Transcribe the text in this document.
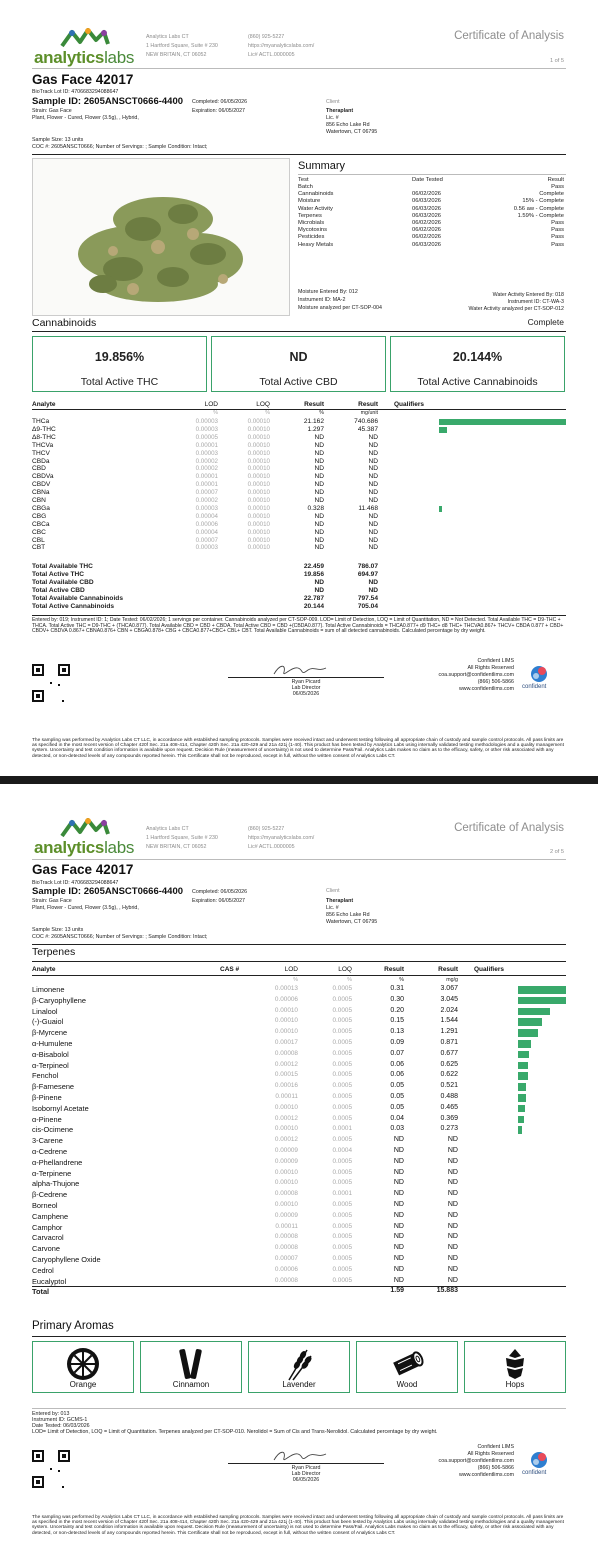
analyticslabs
Analytics Labs CT
1 Hartford Square, Suite # 230
NEW BRITAIN, CT 06052
(860) 925-5227
https://myanalyticslabs.com/
Lic# ACTL.0000005
Certificate of Analysis
1 of 5
Gas Face 42017
BioTrack Lot ID: 4706683294088647
Sample ID: 2605ANSCT0666-4400 Completed: 06/05/2026
Expiration: 06/05/2027
Strain: Gas Face
Plant, Flower - Cured, Flower (3.5g), , Hybrid,
Client
Theraplant
Lic. #
856 Echo Lake Rd
Watertown, CT 06795
Sample Size: 13 units
COC #: 2605ANSCT0666; Number of Servings: ; Sample Condition: Intact;
Summary
Test	Date Tested	Result
Batch	Pass
Cannabinoids	06/02/2026	Complete
Moisture	06/03/2026	15% - Complete
Water Activity	06/03/2026	0.56 aw - Complete
Terpenes	06/03/2026	1.59% - Complete
Microbials	06/02/2026	Pass
Mycotoxins	06/02/2026	Pass
Pesticides	06/02/2026	Pass
Heavy Metals	06/03/2026	Pass
Moisture Entered By: 012
Instrument ID: MA-2
Moisture analyzed per CT-SOP-004
Water Activity Entered By: 018
Instrument ID: CT-WA-3
Water Activity analyzed per CT-SOP-012
Cannabinoids	Complete
19.856%
Total Active THC
ND
Total Active CBD
20.144%
Total Active Cannabinoids
Analyte	LOD	LOQ	Result	Result Qualifiers
%	%	%	mg/unit
THCa	0.00003	0.00010	21.162	740.686
Δ9-THC	0.00003	0.00010	1.297	45.387
Δ8-THC	0.00005	0.00010	ND	ND
THCVa	0.00001	0.00010	ND	ND
THCV	0.00003	0.00010	ND	ND
CBDa	0.00002	0.00010	ND	ND
CBD	0.00002	0.00010	ND	ND
CBDVa	0.00001	0.00010	ND	ND
CBDV	0.00001	0.00010	ND	ND
CBNa	0.00007	0.00010	ND	ND
CBN	0.00002	0.00010	ND	ND
CBGa	0.00003	0.00010	0.328	11.468
CBG	0.00004	0.00010	ND	ND
CBCa	0.00006	0.00010	ND	ND
CBC	0.00004	0.00010	ND	ND
CBL	0.00007	0.00010	ND	ND
CBT	0.00003	0.00010	ND	ND
Total Available THC	22.459	786.07
Total Active THC	19.856	694.97
Total Available CBD	ND	ND
Total Active CBD	ND	ND
Total Available Cannabinoids	22.787	797.54
Total Active Cannabinoids	20.144	705.04
Entered by: 019; Instrument ID: 1; Date Tested: 06/02/2026; 1 servings per container. Cannabinoids analyzed per CT-SOP-009. LOD= Limit of Detection, LOQ = Limit of Quantitation, ND = Not Detected. Total Available THC = D9-THC + THCA. Total Active THC = D9-THC + (THCA0.877). Total Available CBD = CBD + CBDA. Total Active CBD = CBD +(CBDA0.877). Total Active Cannabinoids = THCA0.877+ d9 THC+ d8 THC+ THCVA0.867+ THCV+ CBDA 0.877 + CBD+ CBDV+ CBDVA 0.867+ CBNA0.876+ CBN + CBGA0.878+ CBG + CBCA0.877+CBC+ CBL+ CBT. Total Available Cannabinoids = sum of all detected cannabinoids. Calculated percentage by dry weight.
Ryan Picard
Lab Director
06/05/2026
Confident LIMS
All Rights Reserved
coa.support@confidentlims.com
(866) 506-5866
www.confidentlims.com confident
The sampling was performed by Analytics Labs CT LLC, in accordance with established sampling protocols. Samples were received intact and underwent testing following all appropriate chain of custody and sample control protocols. All pass limits are as specified in the most recent version of Chapter 420f Sec. 21a 408-414, Chapter 420h Sec. 21a 420-429 and 21a 421j (1-40). This product has been tested by Analytics Labs using internally validated testing methodologies and a quality management system. Uncertainty and test condition information is available upon request. Decision Rule (measurement of uncertainty) is not used to determine Pass/Fail. Analytics Labs makes no claim as to the efficacy, safety, or other risk associated with any detected, or non-detected levels of any compounds reported herein. This Certificate shall not be reproduced, except in full, without the written consent of Analytics Labs CT.
analyticslabs
Analytics Labs CT
1 Hartford Square, Suite # 230
NEW BRITAIN, CT 06052
(860) 925-5227
https://myanalyticslabs.com/
Lic# ACTL.0000005
Certificate of Analysis
2 of 5
Gas Face 42017
BioTrack Lot ID: 4706683294088647
Sample ID: 2605ANSCT0666-4400 Completed: 06/05/2026
Expiration: 06/05/2027
Strain: Gas Face
Plant, Flower - Cured, Flower (3.5g), , Hybrid,
Client
Theraplant
Lic. #
856 Echo Lake Rd
Watertown, CT 06795
Sample Size: 13 units
COC #: 2605ANSCT0666; Number of Servings: ; Sample Condition: Intact;
Terpenes
Analyte	CAS #	LOD	LOQ	Result	Result Qualifiers
%	%	%	mg/g
Limonene	0.00013	0.0005	0.31	3.067
β-Caryophyllene	0.00006	0.0005	0.30	3.045
Linalool	0.00010	0.0005	0.20	2.024
(-)-Guaiol	0.00010	0.0005	0.15	1.544
β-Myrcene	0.00010	0.0005	0.13	1.291
α-Humulene	0.00017	0.0005	0.09	0.871
α-Bisabolol	0.00008	0.0005	0.07	0.677
α-Terpineol	0.00012	0.0005	0.06	0.625
Fenchol	0.00015	0.0005	0.06	0.622
β-Farnesene	0.00016	0.0005	0.05	0.521
β-Pinene	0.00011	0.0005	0.05	0.488
Isobornyl Acetate	0.00010	0.0005	0.05	0.465
α-Pinene	0.00012	0.0005	0.04	0.369
cis-Ocimene	0.00010	0.0001	0.03	0.273
3-Carene	0.00012	0.0005	ND	ND
α-Cedrene	0.00009	0.0004	ND	ND
α-Phellandrene	0.00009	0.0005	ND	ND
α-Terpinene	0.00010	0.0005	ND	ND
alpha-Thujone	0.00010	0.0005	ND	ND
β-Cedrene	0.00008	0.0001	ND	ND
Borneol	0.00010	0.0005	ND	ND
Camphene	0.00009	0.0005	ND	ND
Camphor	0.00011	0.0005	ND	ND
Carvacrol	0.00008	0.0005	ND	ND
Carvone	0.00008	0.0005	ND	ND
Caryophyllene Oxide	0.00007	0.0005	ND	ND
Cedrol	0.00006	0.0005	ND	ND
Eucalyptol	0.00008	0.0005	ND	ND
Total	1.59	15.883
Primary Aromas
Orange	Cinnamon	Lavender	Wood	Hops
Entered by: 013
Instrument ID: GCMS-1
Date Tested: 06/03/2026
LOD= Limit of Detection, LOQ = Limit of Quantitation. Terpenes analyzed per CT-SOP-010. Nerolidol = Sum of Cis and Trans-Nerolidol. Calculated percentage by dry weight.
Ryan Picard
Lab Director
06/05/2026
Confident LIMS
All Rights Reserved
coa.support@confidentlims.com
(866) 506-5866
www.confidentlims.com confident
The sampling was performed by Analytics Labs CT LLC, in accordance with established sampling protocols. Samples were received intact and underwent testing following all appropriate chain of custody and sample control protocols. All pass limits are as specified in the most recent version of Chapter 420f Sec. 21a 408-414, Chapter 420h Sec. 21a 420-429 and 21a 421j (1-40). This product has been tested by Analytics Labs using internally validated testing methodologies and a quality management system. Uncertainty and test condition information is available upon request. Decision Rule (measurement of uncertainty) is not used to determine Pass/Fail. Analytics Labs makes no claim as to the efficacy, safety, or other risk associated with any detected, or non-detected levels of any compounds reported herein. This Certificate shall not be reproduced, except in full, without the written consent of Analytics Labs CT.
